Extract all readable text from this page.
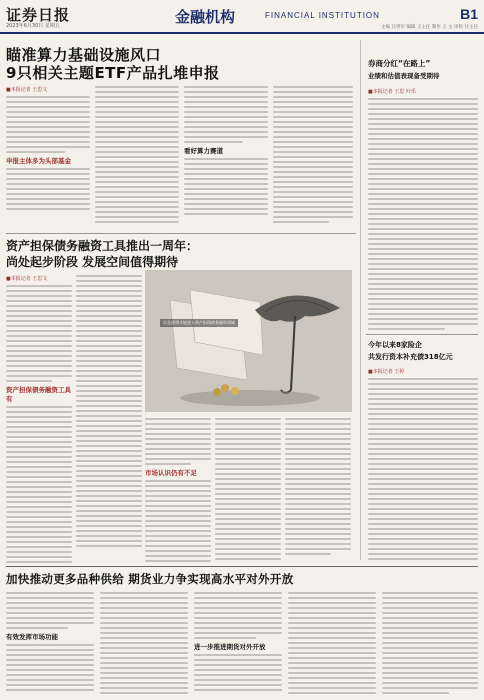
证券日报
2023年6月30日 星期五	金融机构	FINANCIAL INSTITUTION	B1
主编 汪世军 编辑 王主任 制作 王 主 审校 汪主任
瞄准算力基础设施风口
9只相关主题ETF产品扎堆申报
■本报记者 王思文
申报主体多为头部基金
看好算力赛道
资产担保债务融资工具推出一周年：
尚处起步阶段 发展空间值得期待
■本报记者 王思文
资产担保债务融资工具有
信息透明才能进入资产担保债务融资领域
市场认识仍有不足
券商分红“在路上”
业绩和估值表现备受期待
■本报记者 王思 叶乐
今年以来8家险企
共发行资本补充债318亿元
■本报记者 王婷
加快推动更多品种供给 期货业力争实现高水平对外开放
有效发挥市场功能
进一步推进期货对外开放
